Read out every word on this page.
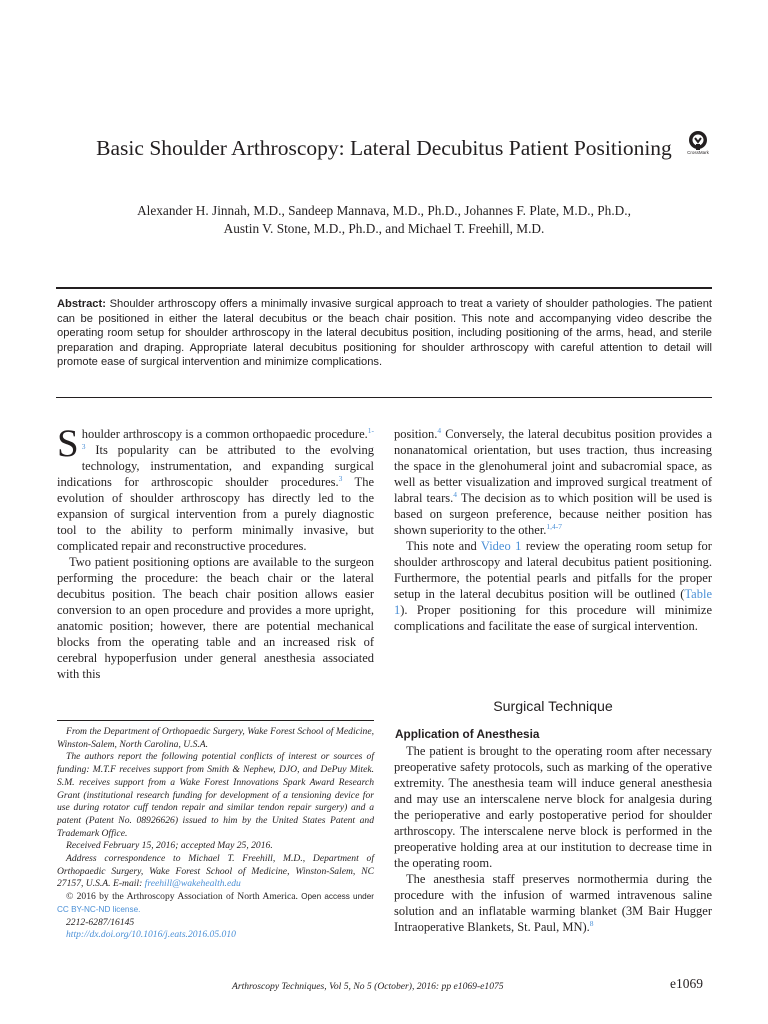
Basic Shoulder Arthroscopy: Lateral Decubitus Patient Positioning	CrossMark
Alexander H. Jinnah, M.D., Sandeep Mannava, M.D., Ph.D., Johannes F. Plate, M.D., Ph.D.,
Austin V. Stone, M.D., Ph.D., and Michael T. Freehill, M.D.
Abstract: Shoulder arthroscopy offers a minimally invasive surgical approach to treat a variety of shoulder pathologies. The patient can be positioned in either the lateral decubitus or the beach chair position. This note and accompanying video describe the operating room setup for shoulder arthroscopy in the lateral decubitus position, including positioning of the arms, head, and sterile preparation and draping. Appropriate lateral decubitus positioning for shoulder arthroscopy with careful attention to detail will promote ease of surgical intervention and minimize complications.

Shoulder arthroscopy is a common orthopaedic procedure.$^{1-3}$ Its popularity can be attributed to the evolving technology, instrumentation, and expanding surgical indications for arthroscopic shoulder procedures.$^3$ The evolution of shoulder arthroscopy has directly led to the expansion of surgical intervention from a purely diagnostic tool to the ability to perform minimally invasive, but complicated repair and reconstructive procedures.

Two patient positioning options are available to the surgeon performing the procedure: the beach chair or the lateral decubitus position. The beach chair position allows easier conversion to an open procedure and provides a more upright, anatomic position; however, there are potential mechanical blocks from the operating table and an increased risk of cerebral hypoperfusion under general anesthesia associated with this

position.$^4$ Conversely, the lateral decubitus position provides a nonanatomical orientation, but uses traction, thus increasing the space in the glenohumeral joint and subacromial space, as well as better visualization and improved surgical treatment of labral tears.$^4$ The decision as to which position will be used is based on surgeon preference, because neither position has shown superiority to the other.$^{1,4-7}$

This note and Video 1 review the operating room setup for shoulder arthroscopy and lateral decubitus patient positioning. Furthermore, the potential pearls and pitfalls for the proper setup in the lateral decubitus position will be outlined (Table 1). Proper positioning for this procedure will minimize complications and facilitate the ease of surgical intervention.

Surgical Technique
Application of Anesthesia

The patient is brought to the operating room after necessary preoperative safety protocols, such as marking of the operative extremity. The anesthesia team will induce general anesthesia and may use an interscalene nerve block for analgesia during the perioperative and early postoperative period for shoulder arthroscopy. The interscalene nerve block is performed in the preoperative holding area at our institution to decrease time in the operating room.

The anesthesia staff preserves normothermia during the procedure with the infusion of warmed intravenous saline solution and an inflatable warming blanket (3M Bair Hugger Intraoperative Blankets, St. Paul, MN).$^8$

From the Department of Orthopaedic Surgery, Wake Forest School of Medicine, Winston-Salem, North Carolina, U.S.A.

The authors report the following potential conflicts of interest or sources of funding: M.T.F receives support from Smith & Nephew, DJO, and DePuy Mitek. S.M. receives support from a Wake Forest Innovations Spark Award Research Grant (institutional research funding for development of a tensioning device for use during rotator cuff tendon repair and similar tendon repair surgery) and a patent (Patent No. 08926626) issued to him by the United States Patent and Trademark Office.

Received February 15, 2016; accepted May 25, 2016.

Address correspondence to Michael T. Freehill, M.D., Department of Orthopaedic Surgery, Wake Forest School of Medicine, Winston-Salem, NC 27157, U.S.A. E-mail: freehill@wakehealth.edu

© 2016 by the Arthroscopy Association of North America. Open access under CC BY-NC-ND license.

2212-6287/16145

http://dx.doi.org/10.1016/j.eats.2016.05.010

Arthroscopy Techniques, Vol 5, No 5 (October), 2016: pp e1069-e1075	e1069
